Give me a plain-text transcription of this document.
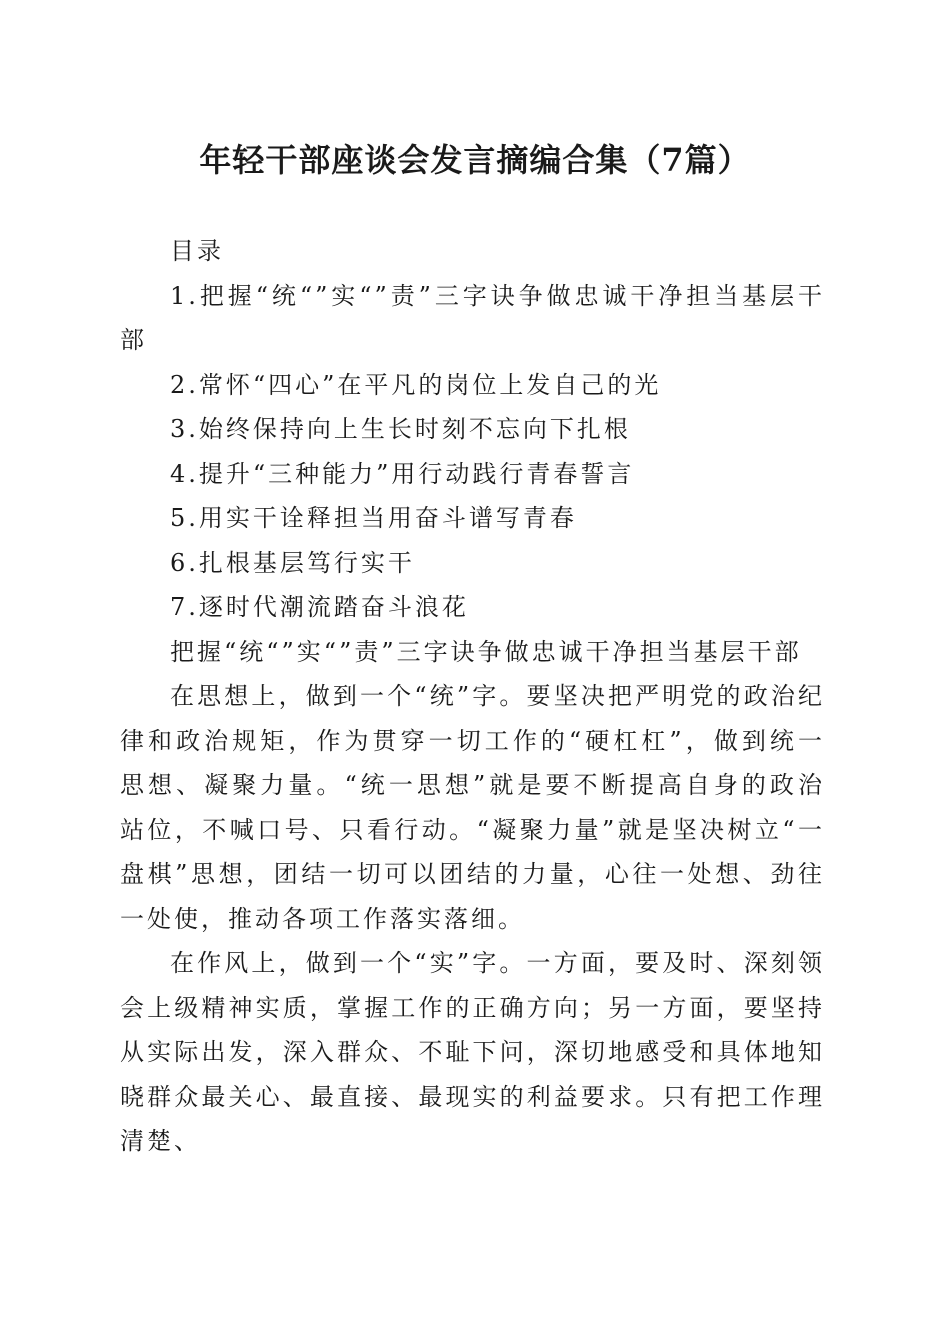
年轻干部座谈会发言摘编合集（7篇）

目录

1.把握“统“”实“”责”三字诀争做忠诚干净担当基层干部

2.常怀“四心”在平凡的岗位上发自己的光

3.始终保持向上生长时刻不忘向下扎根

4.提升“三种能力”用行动践行青春誓言

5.用实干诠释担当用奋斗谱写青春

6.扎根基层笃行实干

7.逐时代潮流踏奋斗浪花

把握“统“”实“”责”三字诀争做忠诚干净担当基层干部

在思想上，做到一个“统”字。要坚决把严明党的政治纪律和政治规矩，作为贯穿一切工作的“硬杠杠”，做到统一思想、凝聚力量。“统一思想”就是要不断提高自身的政治站位，不喊口号、只看行动。“凝聚力量”就是坚决树立“一盘棋”思想，团结一切可以团结的力量，心往一处想、劲往一处使，推动各项工作落实落细。

在作风上，做到一个“实”字。一方面，要及时、深刻领会上级精神实质，掌握工作的正确方向；另一方面，要坚持从实际出发，深入群众、不耻下问，深切地感受和具体地知晓群众最关心、最直接、最现实的利益要求。只有把工作理清楚、
